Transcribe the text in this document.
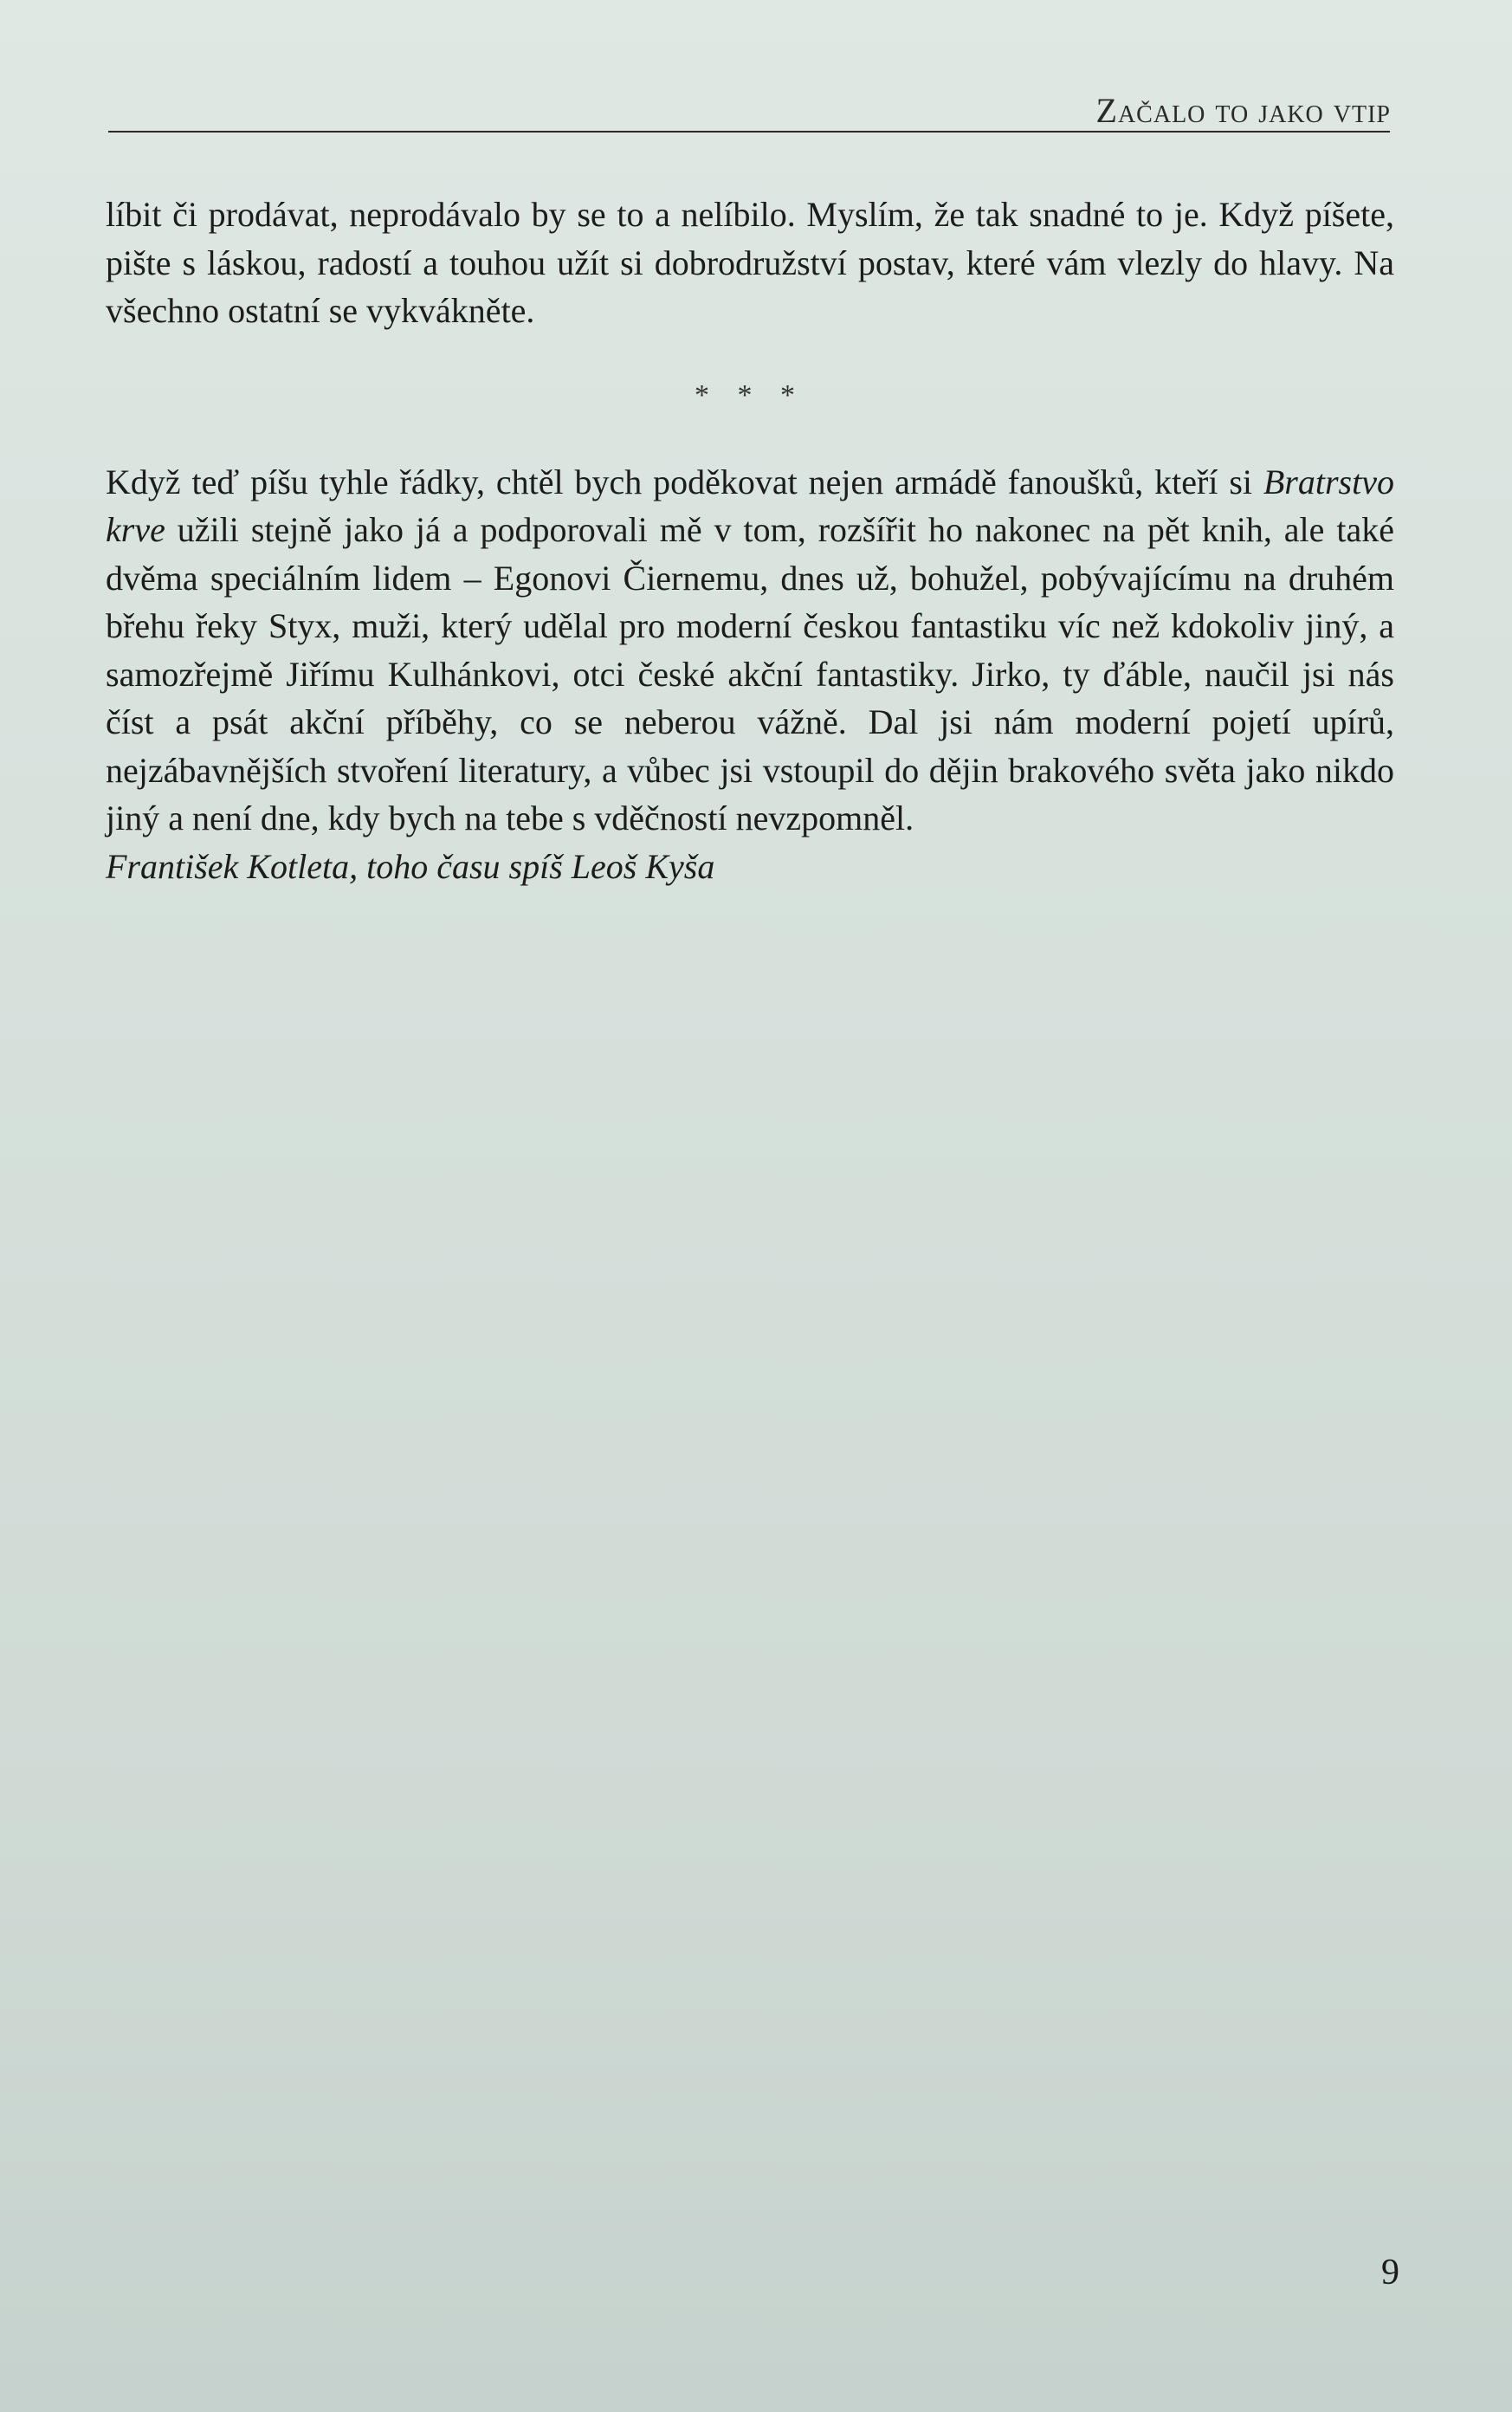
Začalo to jako vtip

líbit či prodávat, neprodávalo by se to a nelíbilo. Myslím, že tak snadné to je. Když píšete, pište s láskou, radostí a touhou užít si dobrodružství postav, které vám vlezly do hlavy. Na všechno ostatní se vykvákněte.

* * *

Když teď píšu tyhle řádky, chtěl bych poděkovat nejen armádě fanoušků, kteří si Bratrstvo krve užili stejně jako já a podporovali mě v tom, rozšířit ho nakonec na pět knih, ale také dvěma speciálním lidem – Egonovi Čiernemu, dnes už, bohužel, pobývajícímu na druhém břehu řeky Styx, muži, který udělal pro moderní českou fantastiku víc než kdokoliv jiný, a samozřejmě Jiřímu Kulhánkovi, otci české akční fantastiky. Jirko, ty ďáble, naučil jsi nás číst a psát akční příběhy, co se neberou vážně. Dal jsi nám moderní pojetí upírů, nejzábavnějších stvoření literatury, a vůbec jsi vstoupil do dějin brakového světa jako nikdo jiný a není dne, kdy bych na tebe s vděčností nevzpomněl.

František Kotleta, toho času spíš Leoš Kyša

9
